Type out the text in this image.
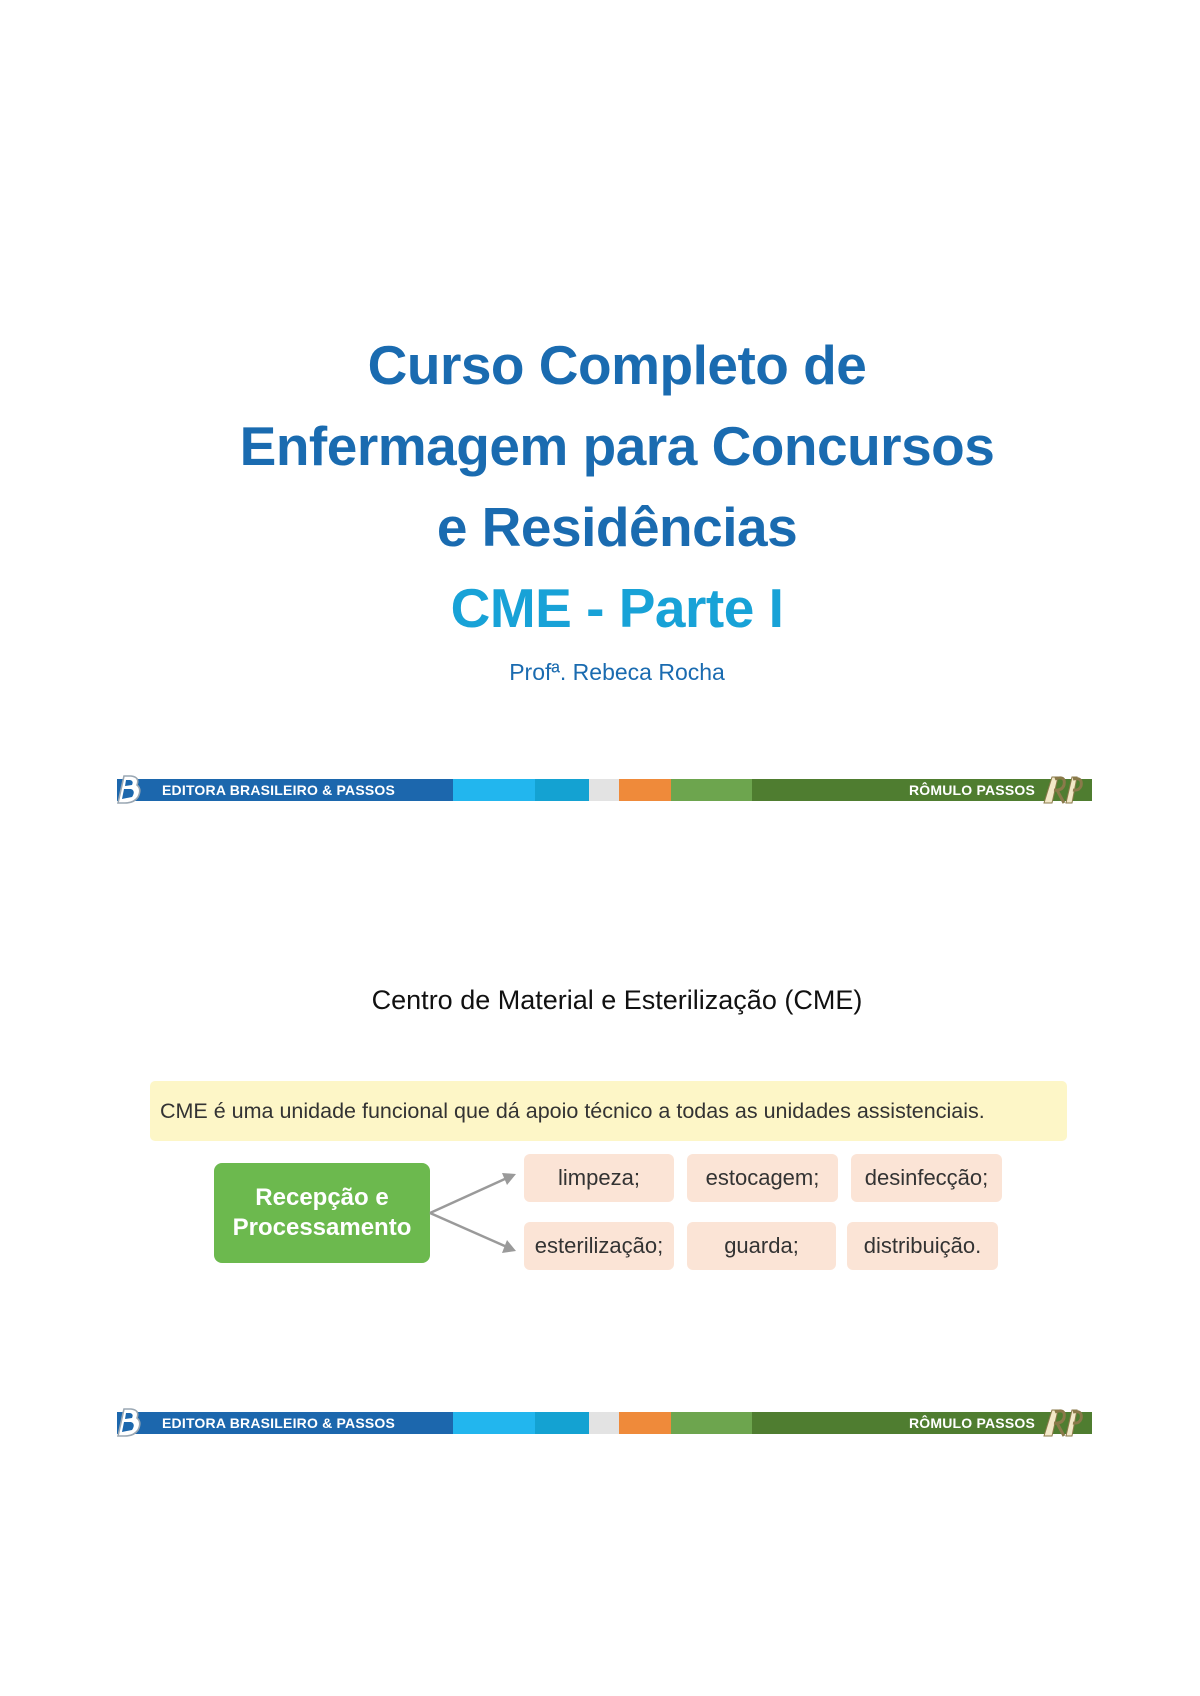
Curso Completo de
Enfermagem para Concursos
e Residências
CME - Parte I
Profª. Rebeca Rocha
EDITORA BRASILEIRO & PASSOS	RÔMULO PASSOS
Centro de Material e Esterilização (CME)
CME é uma unidade funcional que dá apoio técnico a todas as unidades assistenciais.
Recepção e
Processamento
limpeza;	estocagem;	desinfecção;
esterilização;	guarda;	distribuição.
EDITORA BRASILEIRO & PASSOS	RÔMULO PASSOS
